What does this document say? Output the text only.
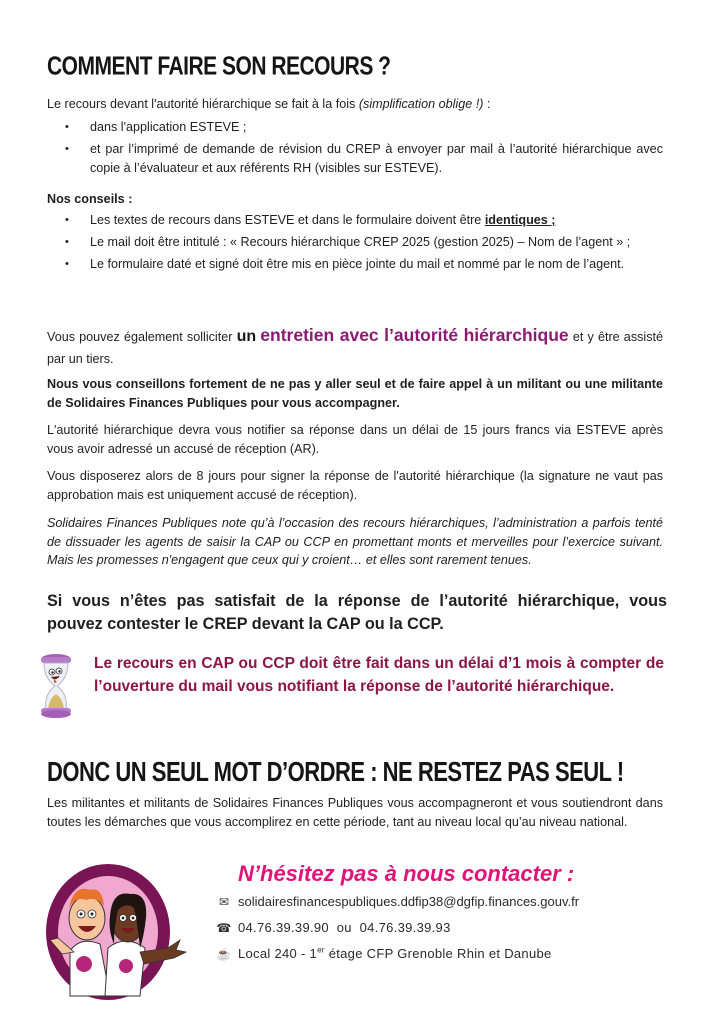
COMMENT FAIRE SON RECOURS ?
Le recours devant l'autorité hiérarchique se fait à la fois (simplification oblige !) :
• dans l'application ESTEVE ;
• et par l’imprimé de demande de révision du CREP à envoyer par mail à l’autorité hiérarchique avec copie à l’évaluateur et aux référents RH (visibles sur ESTEVE).
Nos conseils :
• Les textes de recours dans ESTEVE et dans le formulaire doivent être identiques ;
• Le mail doit être intitulé : « Recours hiérarchique CREP 2025 (gestion 2025) – Nom de l’agent » ;
• Le formulaire daté et signé doit être mis en pièce jointe du mail et nommé par le nom de l’agent.
Vous pouvez également solliciter un entretien avec l’autorité hiérarchique et y être assisté par un tiers.
Nous vous conseillons fortement de ne pas y aller seul et de faire appel à un militant ou une militante de Solidaires Finances Publiques pour vous accompagner.
L'autorité hiérarchique devra vous notifier sa réponse dans un délai de 15 jours francs via ESTEVE après vous avoir adressé un accusé de réception (AR).
Vous disposerez alors de 8 jours pour signer la réponse de l'autorité hiérarchique (la signature ne vaut pas approbation mais est uniquement accusé de réception).
Solidaires Finances Publiques note qu’à l’occasion des recours hiérarchiques, l’administration a parfois tenté de dissuader les agents de saisir la CAP ou CCP en promettant monts et merveilles pour l’exercice suivant. Mais les promesses n'engagent que ceux qui y croient… et elles sont rarement tenues.
Si vous n’êtes pas satisfait de la réponse de l’autorité hiérarchique, vous pouvez contester le CREP devant la CAP ou la CCP.
Le recours en CAP ou CCP doit être fait dans un délai d’1 mois à compter de l’ouverture du mail vous notifiant la réponse de l’autorité hiérarchique.
DONC UN SEUL MOT D’ORDRE : NE RESTEZ PAS SEUL !
Les militantes et militants de Solidaires Finances Publiques vous accompagneront et vous soutiendront dans toutes les démarches que vous accomplirez en cette période, tant au niveau local qu’au niveau national.
N’hésitez pas à nous contacter :
✉ solidairesfinancespubliques.ddfip38@dgfip.finances.gouv.fr
☎ 04.76.39.39.90  ou  04.76.39.39.93
☕ Local 240 - 1er étage CFP Grenoble Rhin et Danube
